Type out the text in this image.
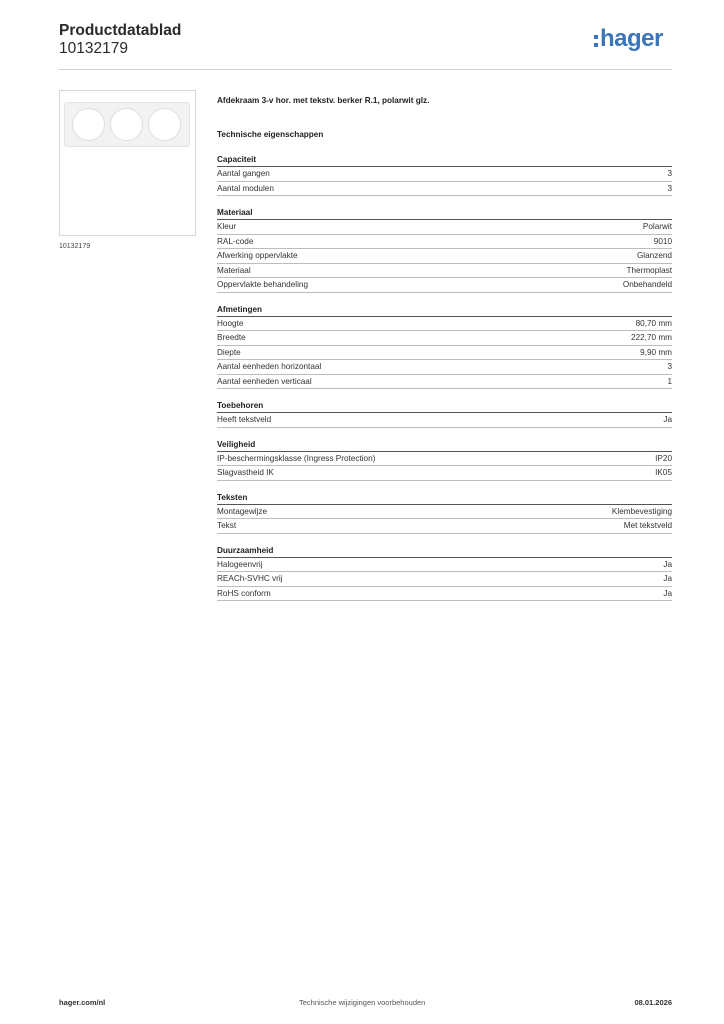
Productdatablad
10132179	hager
10132179
Afdekraam 3-v hor. met tekstv. berker R.1, polarwit glz.
Technische eigenschappen
Capaciteit
Aantal gangen	3
Aantal modulen	3
Materiaal
Kleur	Polarwit
RAL-code	9010
Afwerking oppervlakte	Glanzend
Materiaal	Thermoplast
Oppervlakte behandeling	Onbehandeld
Afmetingen
Hoogte	80,70 mm
Breedte	222,70 mm
Diepte	9,90 mm
Aantal eenheden horizontaal	3
Aantal eenheden verticaal	1
Toebehoren
Heeft tekstveld	Ja
Veiligheid
IP-beschermingsklasse (Ingress Protection)	IP20
Slagvastheid IK	IK05
Teksten
Montagewijze	Klembevestiging
Tekst	Met tekstveld
Duurzaamheid
Halogeenvrij	Ja
REACh-SVHC vrij	Ja
RoHS conform	Ja
hager.com/nl	Technische wijzigingen voorbehouden	08.01.2026
